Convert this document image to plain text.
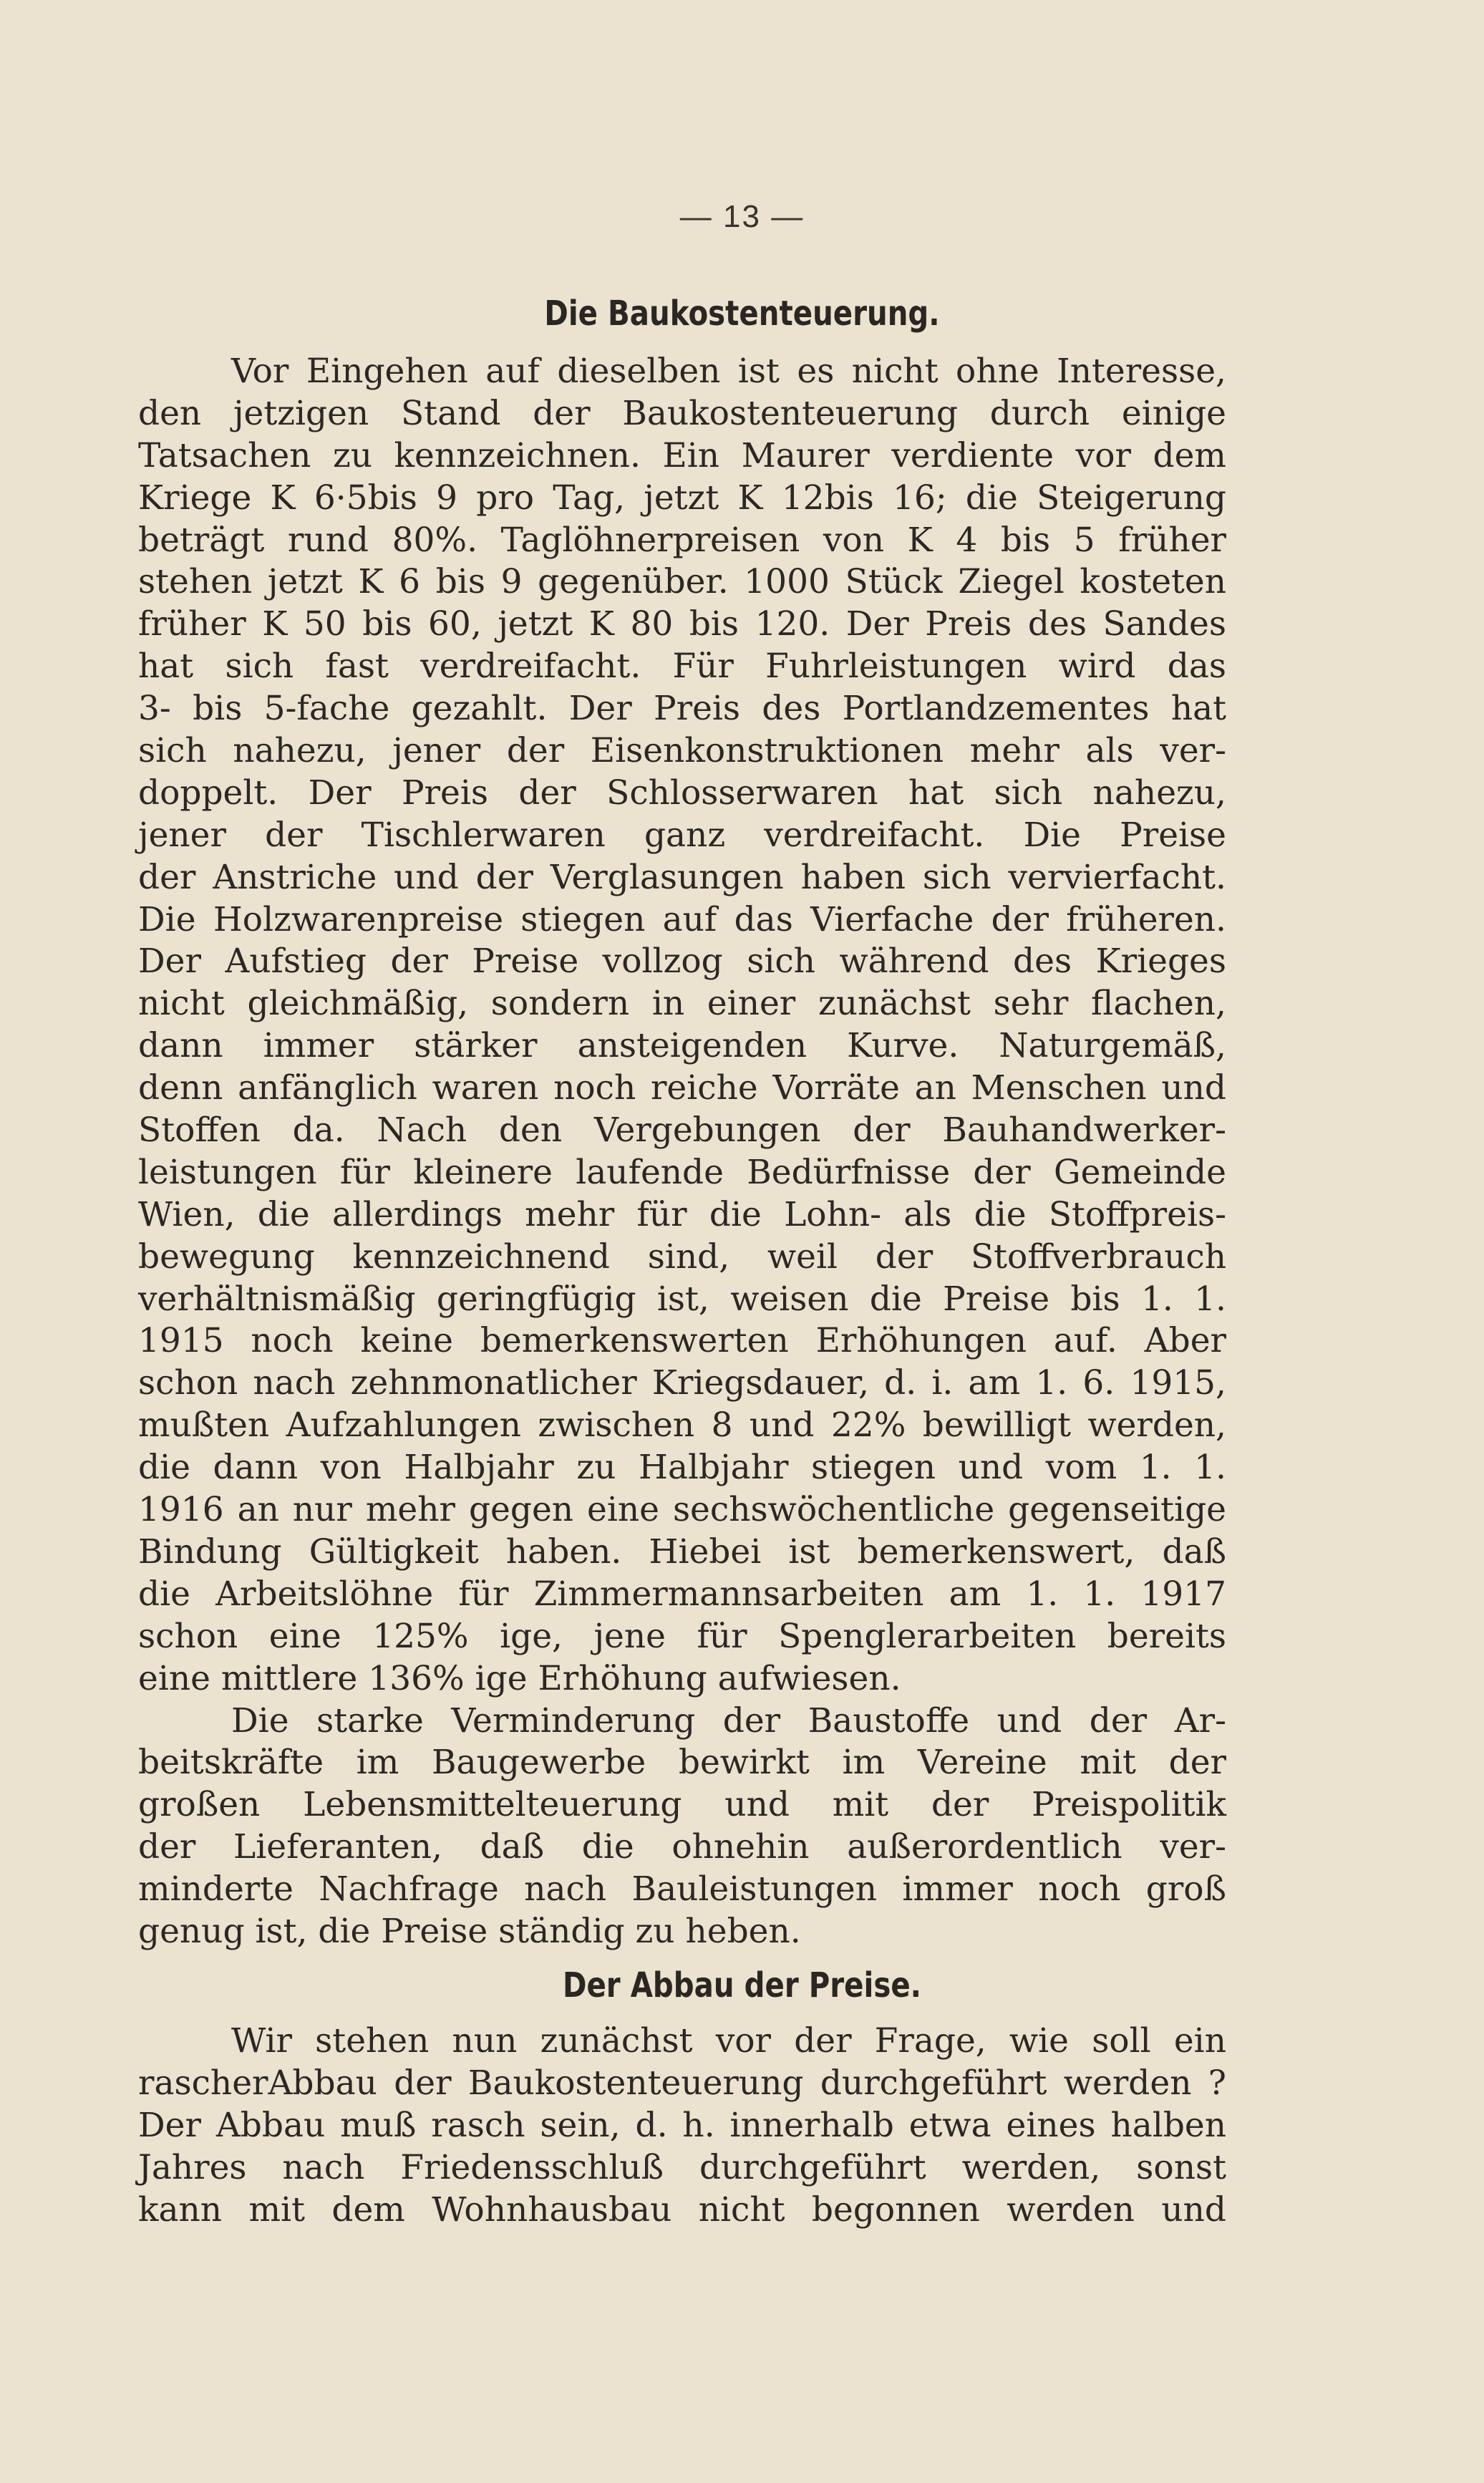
— 13 —
Die Baukostenteuerung.
Vor Eingehen auf dieselben ist es nicht ohne Interesse,
den jetzigen Stand der Baukostenteuerung durch einige
Tatsachen zu kennzeichnen. Ein Maurer verdiente vor dem
Kriege K 6·5bis 9 pro Tag, jetzt K 12bis 16; die Steigerung
beträgt rund 80%. Taglöhnerpreisen von K 4 bis 5 früher
stehen jetzt K 6 bis 9 gegenüber. 1000 Stück Ziegel kosteten
früher K 50 bis 60, jetzt K 80 bis 120. Der Preis des Sandes
hat sich fast verdreifacht. Für Fuhrleistungen wird das
3- bis 5-fache gezahlt. Der Preis des Portlandzementes hat
sich nahezu, jener der Eisenkonstruktionen mehr als ver-
doppelt. Der Preis der Schlosserwaren hat sich nahezu,
jener der Tischlerwaren ganz verdreifacht. Die Preise
der Anstriche und der Verglasungen haben sich vervierfacht.
Die Holzwarenpreise stiegen auf das Vierfache der früheren.
Der Aufstieg der Preise vollzog sich während des Krieges
nicht gleichmäßig, sondern in einer zunächst sehr flachen,
dann immer stärker ansteigenden Kurve. Naturgemäß,
denn anfänglich waren noch reiche Vorräte an Menschen und
Stoffen da. Nach den Vergebungen der Bauhandwerker-
leistungen für kleinere laufende Bedürfnisse der Gemeinde
Wien, die allerdings mehr für die Lohn- als die Stoffpreis-
bewegung kennzeichnend sind, weil der Stoffverbrauch
verhältnismäßig geringfügig ist, weisen die Preise bis 1. 1.
1915 noch keine bemerkenswerten Erhöhungen auf. Aber
schon nach zehnmonatlicher Kriegsdauer, d. i. am 1. 6. 1915,
mußten Aufzahlungen zwischen 8 und 22% bewilligt werden,
die dann von Halbjahr zu Halbjahr stiegen und vom 1. 1.
1916 an nur mehr gegen eine sechswöchentliche gegenseitige
Bindung Gültigkeit haben. Hiebei ist bemerkenswert, daß
die Arbeitslöhne für Zimmermannsarbeiten am 1. 1. 1917
schon eine 125% ige, jene für Spenglerarbeiten bereits
eine mittlere 136% ige Erhöhung aufwiesen.
Die starke Verminderung der Baustoffe und der Ar-
beitskräfte im Baugewerbe bewirkt im Vereine mit der
großen Lebensmittelteuerung und mit der Preispolitik
der Lieferanten, daß die ohnehin außerordentlich ver-
minderte Nachfrage nach Bauleistungen immer noch groß
genug ist, die Preise ständig zu heben.
Der Abbau der Preise.
Wir stehen nun zunächst vor der Frage, wie soll ein
rascherAbbau der Baukostenteuerung durchgeführt werden ?
Der Abbau muß rasch sein, d. h. innerhalb etwa eines halben
Jahres nach Friedensschluß durchgeführt werden, sonst
kann mit dem Wohnhausbau nicht begonnen werden und
